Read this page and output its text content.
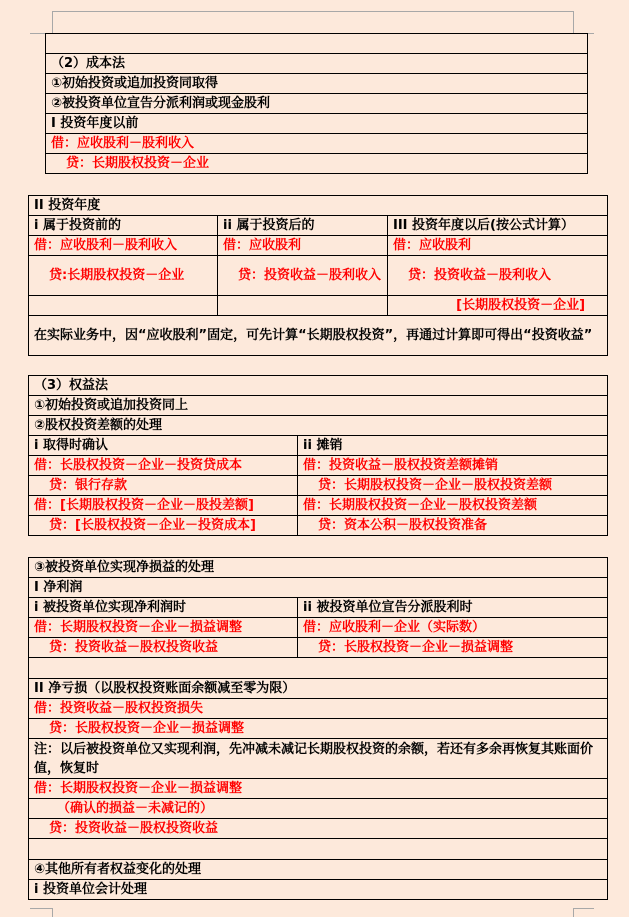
（2）成本法
①初始投资或追加投资同取得
②被投资单位宣告分派利润或现金股利
I 投资年度以前
借：应收股利－股利收入
贷：长期股权投资－企业
II 投资年度		
i 属于投资前的	ii 属于投资后的	III 投资年度以后(按公式计算）
借：应收股利－股利收入	借：应收股利	借：应收股利
贷:长期股权投资－企业	贷：投资收益－股利收入	贷：投资收益－股利收入
		[长期股权投资－企业]
在实际业务中，因“应收股利”固定，可先计算“长期股权投资”，再通过计算即可得出“投资收益”		
（3）权益法	
①初始投资或追加投资同上	
②股权投资差额的处理	
i 取得时确认	ii 摊销
借：长股权投资－企业－投资贷成本	借：投资收益－股权投资差额摊销
贷：银行存款	贷：长期股权投资－企业－股权投资差额
借：[长期股权投资－企业－股投差额]	借：长期股权投资－企业－股权投资差额
贷：[长股权投资－企业－投资成本]	贷：资本公积－股权投资准备
③被投资单位实现净损益的处理	
I 净利润	
i 被投资单位实现净利润时	ii 被投资单位宣告分派股利时
借：长期股权投资－企业－损益调整	借：应收股利－企业（实际数）
贷：投资收益－股权投资收益	贷：长股权投资－企业－损益调整

II 净亏损（以股权投资账面余额减至零为限）	
借：投资收益－股权投资损失	
贷：长股权投资－企业－损益调整	
注：以后被投资单位又实现利润，先冲减未减记长期股权投资的余额，若还有多余再恢复其账面价值，恢复时	
借：长期股权投资－企业－损益调整	
（确认的损益－未减记的）	
贷：投资收益－股权投资收益	

④其他所有者权益变化的处理	
i 投资单位会计处理	
